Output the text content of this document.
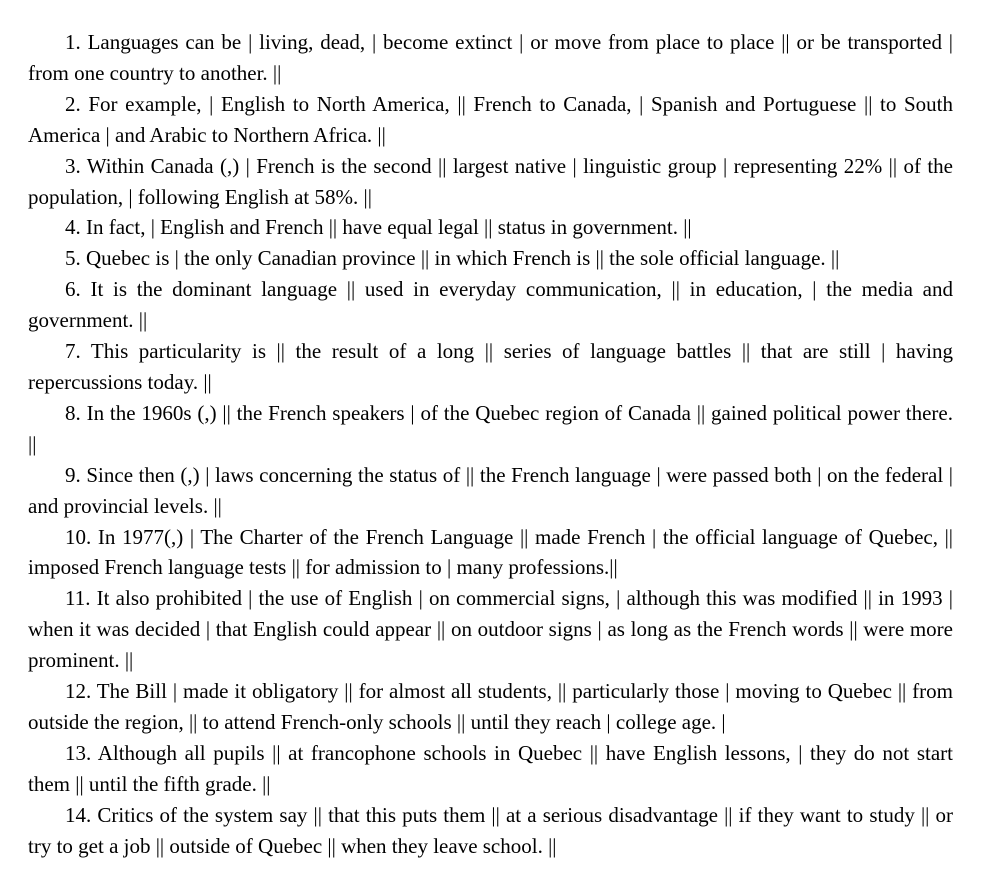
1. Languages can be | living, dead, | become extinct | or move from place to place || or be transported | from one country to another. ||

2. For example, | English to North America, || French to Canada, | Spanish and Portuguese || to South America | and Arabic to Northern Africa. ||

3. Within Canada (,) | French is the second || largest native | linguistic group | representing 22% || of the population, | following English at 58%. ||

4. In fact, | English and French || have equal legal || status in government. ||

5. Quebec is | the only Canadian province || in which French is || the sole official language. ||

6. It is the dominant language || used in everyday communication, || in education, | the media and government. ||

7. This particularity is || the result of a long || series of language battles || that are still | having repercussions today. ||

8. In the 1960s (,) || the French speakers | of the Quebec region of Canada || gained political power there. ||

9. Since then (,) | laws concerning the status of || the French language | were passed both | on the federal | and provincial levels. ||

10. In 1977(,) | The Charter of the French Language || made French | the official language of Quebec, || imposed French language tests || for admission to | many professions.||

11. It also prohibited | the use of English | on commercial signs, | although this was modified || in 1993 | when it was decided | that English could appear || on outdoor signs | as long as the French words || were more prominent. ||

12. The Bill | made it obligatory || for almost all students, || particularly those | moving to Quebec || from outside the region, || to attend French-only schools || until they reach | college age. |

13. Although all pupils || at francophone schools in Quebec || have English lessons, | they do not start them || until the fifth grade. ||

14. Critics of the system say || that this puts them || at a serious disadvantage || if they want to study || or try to get a job || outside of Quebec || when they leave school. ||
